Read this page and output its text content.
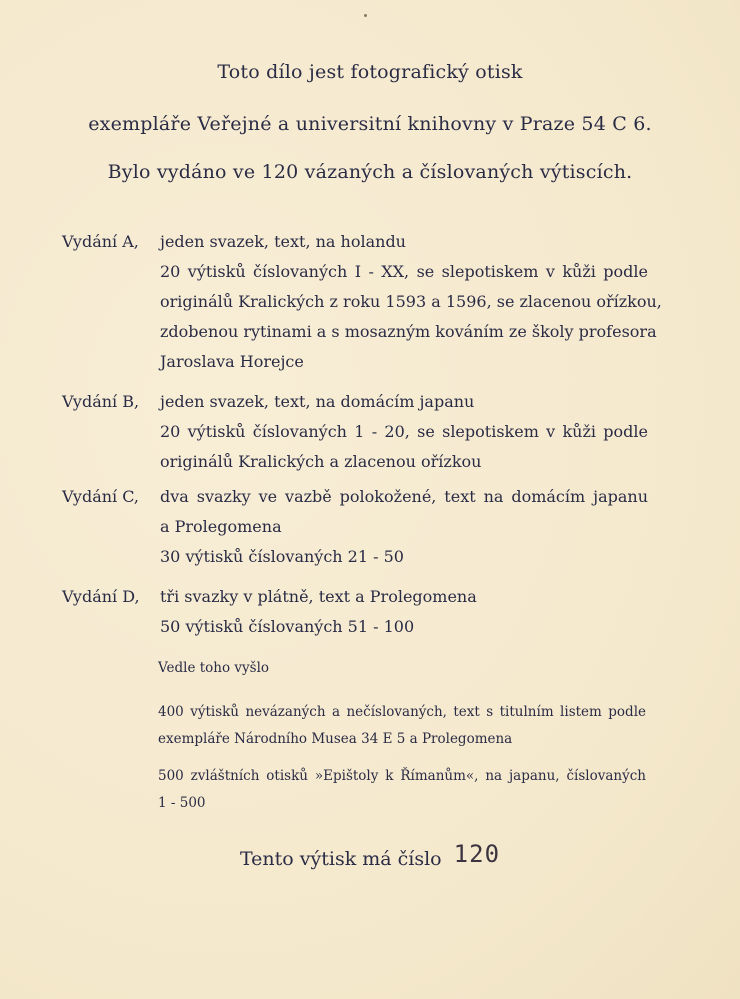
Toto dílo jest fotografický otisk
exempláře Veřejné a universitní knihovny v Praze 54 C 6.
Bylo vydáno ve 120 vázaných a číslovaných výtiscích.
Vydání A, jeden svazek, text, na holandu
20 výtisků číslovaných I - XX, se slepotiskem v kůži podle
originálů Kralických z roku 1593 a 1596, se zlacenou ořízkou,
zdobenou rytinami a s mosazným kováním ze školy profesora
Jaroslava Horejce
Vydání B, jeden svazek, text, na domácím japanu
20 výtisků číslovaných 1 - 20, se slepotiskem v kůži podle
originálů Kralických a zlacenou ořízkou
Vydání C, dva svazky ve vazbě polokožené, text na domácím japanu
a Prolegomena
30 výtisků číslovaných 21 - 50
Vydání D, tři svazky v plátně, text a Prolegomena
50 výtisků číslovaných 51 - 100
Vedle toho vyšlo
400 výtisků nevázaných a nečíslovaných, text s titulním listem podle
exempláře Národního Musea 34 E 5 a Prolegomena
500 zvláštních otisků »Epištoly k Římanům«, na japanu, číslovaných
1 - 500
Tento výtisk má číslo 120
